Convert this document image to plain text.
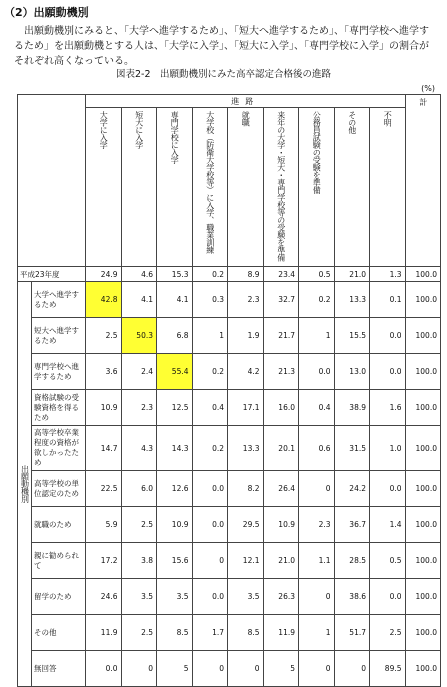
（2）出願動機別
出願動機別にみると、「大学へ進学するため」、「短大へ進学するため」、「専門学校へ進学するため」を出願動機とする人は、「大学に入学」、「短大に入学」、「専門学校に入学」の割合がそれぞれ高くなっている。
図表2-2　出願動機別にみた高卒認定合格後の進路
(%)
		進路									計

		大学に入学	短大に入学	専門学校に入学	大学校（防衛大学校等）に入学、職業訓練	就職	来年の大学・短大・専門学校等の受験を準備	公務員試験の受験を準備	その他	不明	

平成23年度		24.9	4.6	15.3	0.2	8.9	23.4	0.5	21.0	1.3	100.0

出願動機別	大学へ進学するため	42.8	4.1	4.1	0.3	2.3	32.7	0.2	13.3	0.1	100.0
	短大へ進学するため	2.5	50.3	6.8	1	1.9	21.7	1	15.5	0.0	100.0
	専門学校へ進学するため	3.6	2.4	55.4	0.2	4.2	21.3	0.0	13.0	0.0	100.0
	資格試験の受験資格を得るため	10.9	2.3	12.5	0.4	17.1	16.0	0.4	38.9	1.6	100.0
	高等学校卒業程度の資格が欲しかったため	14.7	4.3	14.3	0.2	13.3	20.1	0.6	31.5	1.0	100.0
	高等学校の単位認定のため	22.5	6.0	12.6	0.0	8.2	26.4	0	24.2	0.0	100.0
	就職のため	5.9	2.5	10.9	0.0	29.5	10.9	2.3	36.7	1.4	100.0
	親に勧められて	17.2	3.8	15.6	0	12.1	21.0	1.1	28.5	0.5	100.0
	留学のため	24.6	3.5	3.5	0.0	3.5	26.3	0	38.6	0.0	100.0
	その他	11.9	2.5	8.5	1.7	8.5	11.9	1	51.7	2.5	100.0
	無回答	0.0	0	5	0	0	5	0	0	89.5	100.0
